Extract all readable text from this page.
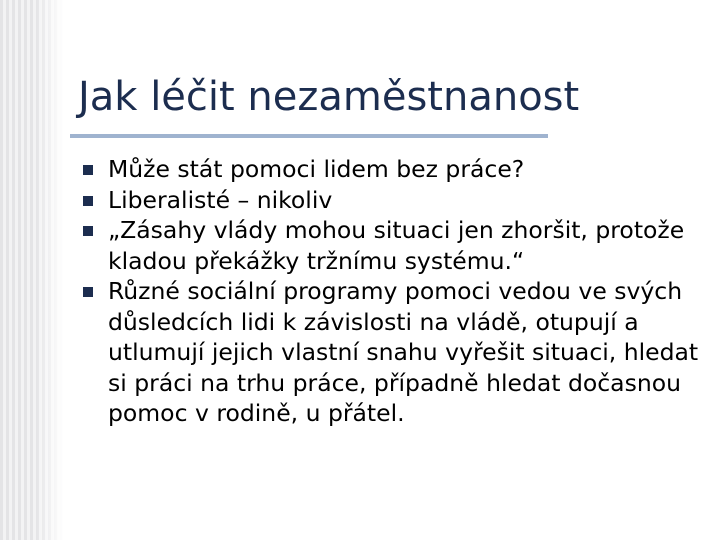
Jak léčit nezaměstnanost
Může stát pomoci lidem bez práce?
Liberalisté – nikoliv
„Zásahy vlády mohou situaci jen zhoršit, protože kladou překážky tržnímu systému.“
Různé sociální programy pomoci vedou ve svých důsledcích lidi k závislosti na vládě, otupují a utlumují jejich vlastní snahu vyřešit situaci, hledat si práci na trhu práce, případně hledat dočasnou pomoc v rodině, u přátel.
